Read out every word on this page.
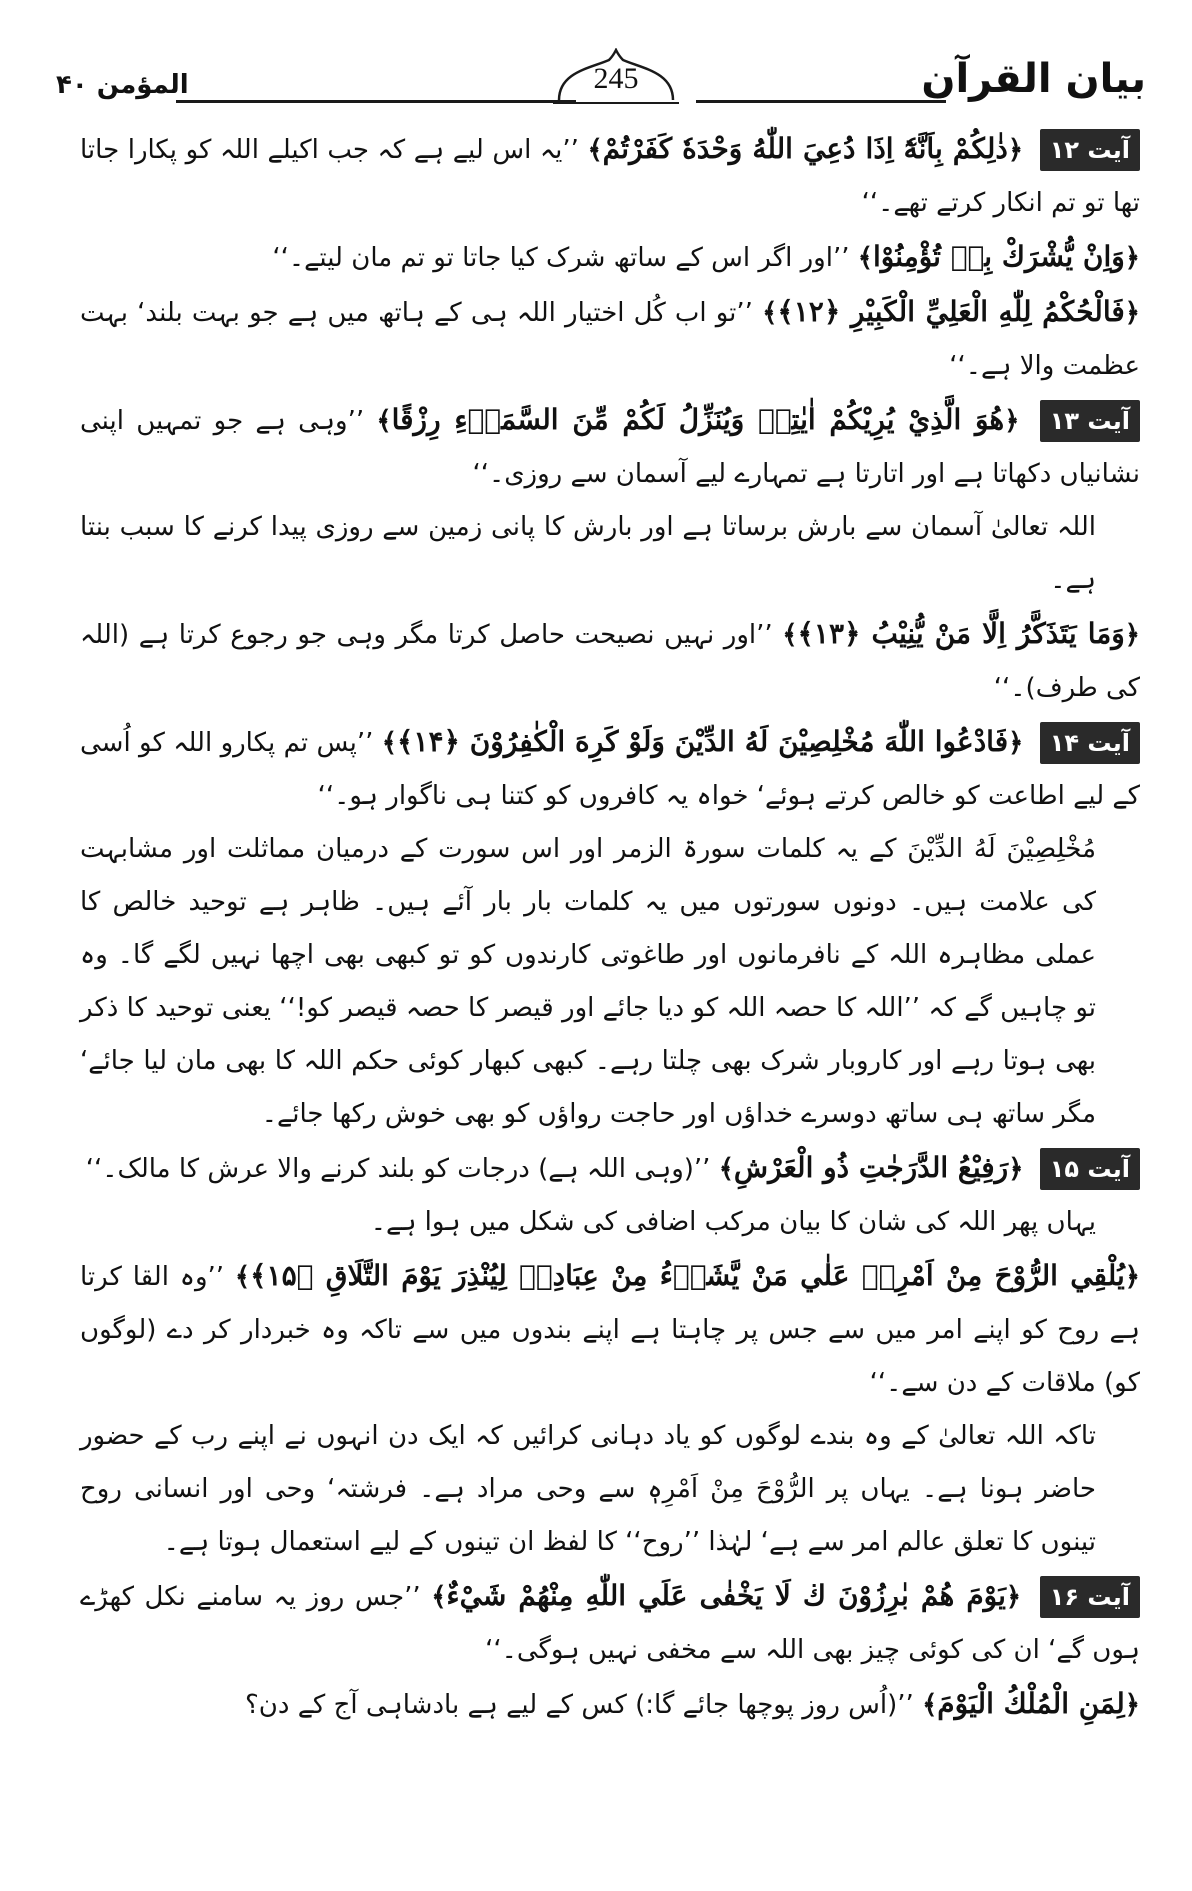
بیان القرآن
المؤمن ۴۰	245

آیت ۱۲ ﴿ذٰلِكُمْ بِاَنَّهٗٓ اِذَا دُعِيَ اللّٰهُ وَحْدَهٗ كَفَرْتُمْ﴾ ’’یہ اس لیے ہے کہ جب اکیلے اللہ کو پکارا جاتا تھا تو تم انکار کرتے تھے۔‘‘

﴿وَاِنْ يُّشْرَكْ بِهٖ تُؤْمِنُوْا﴾ ’’اور اگر اس کے ساتھ شرک کیا جاتا تو تم مان لیتے۔‘‘

﴿فَالْحُكْمُ لِلّٰهِ الْعَلِيِّ الْكَبِيْرِ ﴿۱۲﴾﴾ ’’تو اب کُل اختیار اللہ ہی کے ہاتھ میں ہے جو بہت بلند‘ بہت عظمت والا ہے۔‘‘

آیت ۱۳ ﴿هُوَ الَّذِيْ يُرِيْكُمْ اٰيٰتِهٖ وَيُنَزِّلُ لَكُمْ مِّنَ السَّمَاۗءِ رِزْقًا﴾ ’’وہی ہے جو تمہیں اپنی نشانیاں دکھاتا ہے اور اتارتا ہے تمہارے لیے آسمان سے روزی۔‘‘

اللہ تعالیٰ آسمان سے بارش برساتا ہے اور بارش کا پانی زمین سے روزی پیدا کرنے کا سبب بنتا ہے۔

﴿وَمَا يَتَذَكَّرُ اِلَّا مَنْ يُّنِيْبُ ﴿۱۳﴾﴾ ’’اور نہیں نصیحت حاصل کرتا مگر وہی جو رجوع کرتا ہے (اللہ کی طرف)۔‘‘

آیت ۱۴ ﴿فَادْعُوا اللّٰهَ مُخْلِصِيْنَ لَهُ الدِّيْنَ وَلَوْ كَرِهَ الْكٰفِرُوْنَ ﴿۱۴﴾﴾ ’’پس تم پکارو اللہ کو اُسی کے لیے اطاعت کو خالص کرتے ہوئے‘ خواہ یہ کافروں کو کتنا ہی ناگوار ہو۔‘‘

مُخْلِصِيْنَ لَهُ الدِّيْنَ کے یہ کلمات سورۃ الزمر اور اس سورت کے درمیان مماثلت اور مشابہت کی علامت ہیں۔ دونوں سورتوں میں یہ کلمات بار بار آئے ہیں۔ ظاہر ہے توحید خالص کا عملی مظاہرہ اللہ کے نافرمانوں اور طاغوتی کارندوں کو تو کبھی بھی اچھا نہیں لگے گا۔ وہ تو چاہیں گے کہ ’’اللہ کا حصہ اللہ کو دیا جائے اور قیصر کا حصہ قیصر کو!‘‘ یعنی توحید کا ذکر بھی ہوتا رہے اور کاروبار شرک بھی چلتا رہے۔ کبھی کبھار کوئی حکم اللہ کا بھی مان لیا جائے‘ مگر ساتھ ہی ساتھ دوسرے خداؤں اور حاجت رواؤں کو بھی خوش رکھا جائے۔

آیت ۱۵ ﴿رَفِيْعُ الدَّرَجٰتِ ذُو الْعَرْشِ﴾ ’’(وہی اللہ ہے) درجات کو بلند کرنے والا عرش کا مالک۔‘‘

یہاں پھر اللہ کی شان کا بیان مرکب اضافی کی شکل میں ہوا ہے۔

﴿يُلْقِي الرُّوْحَ مِنْ اَمْرِهٖ عَلٰي مَنْ يَّشَاۗءُ مِنْ عِبَادِهٖ لِيُنْذِرَ يَوْمَ التَّلَاقِ ﴿۱۵﴾﴾ ’’وہ القا کرتا ہے روح کو اپنے امر میں سے جس پر چاہتا ہے اپنے بندوں میں سے تاکہ وہ خبردار کر دے (لوگوں کو) ملاقات کے دن سے۔‘‘

تاکہ اللہ تعالیٰ کے وہ بندے لوگوں کو یاد دہانی کرائیں کہ ایک دن انہوں نے اپنے رب کے حضور حاضر ہونا ہے۔ یہاں پر الرُّوْحَ مِنْ اَمْرِهٖ سے وحی مراد ہے۔ فرشتہ‘ وحی اور انسانی روح تینوں کا تعلق عالم امر سے ہے‘ لہٰذا ’’روح‘‘ کا لفظ ان تینوں کے لیے استعمال ہوتا ہے۔

آیت ۱۶ ﴿يَوْمَ هُمْ بٰرِزُوْنَ ڬ لَا يَخْفٰى عَلَي اللّٰهِ مِنْهُمْ شَيْءٌ﴾ ’’جس روز یہ سامنے نکل کھڑے ہوں گے‘ ان کی کوئی چیز بھی اللہ سے مخفی نہیں ہوگی۔‘‘

﴿لِمَنِ الْمُلْكُ الْيَوْمَ﴾ ’’(اُس روز پوچھا جائے گا:) کس کے لیے ہے بادشاہی آج کے دن؟
